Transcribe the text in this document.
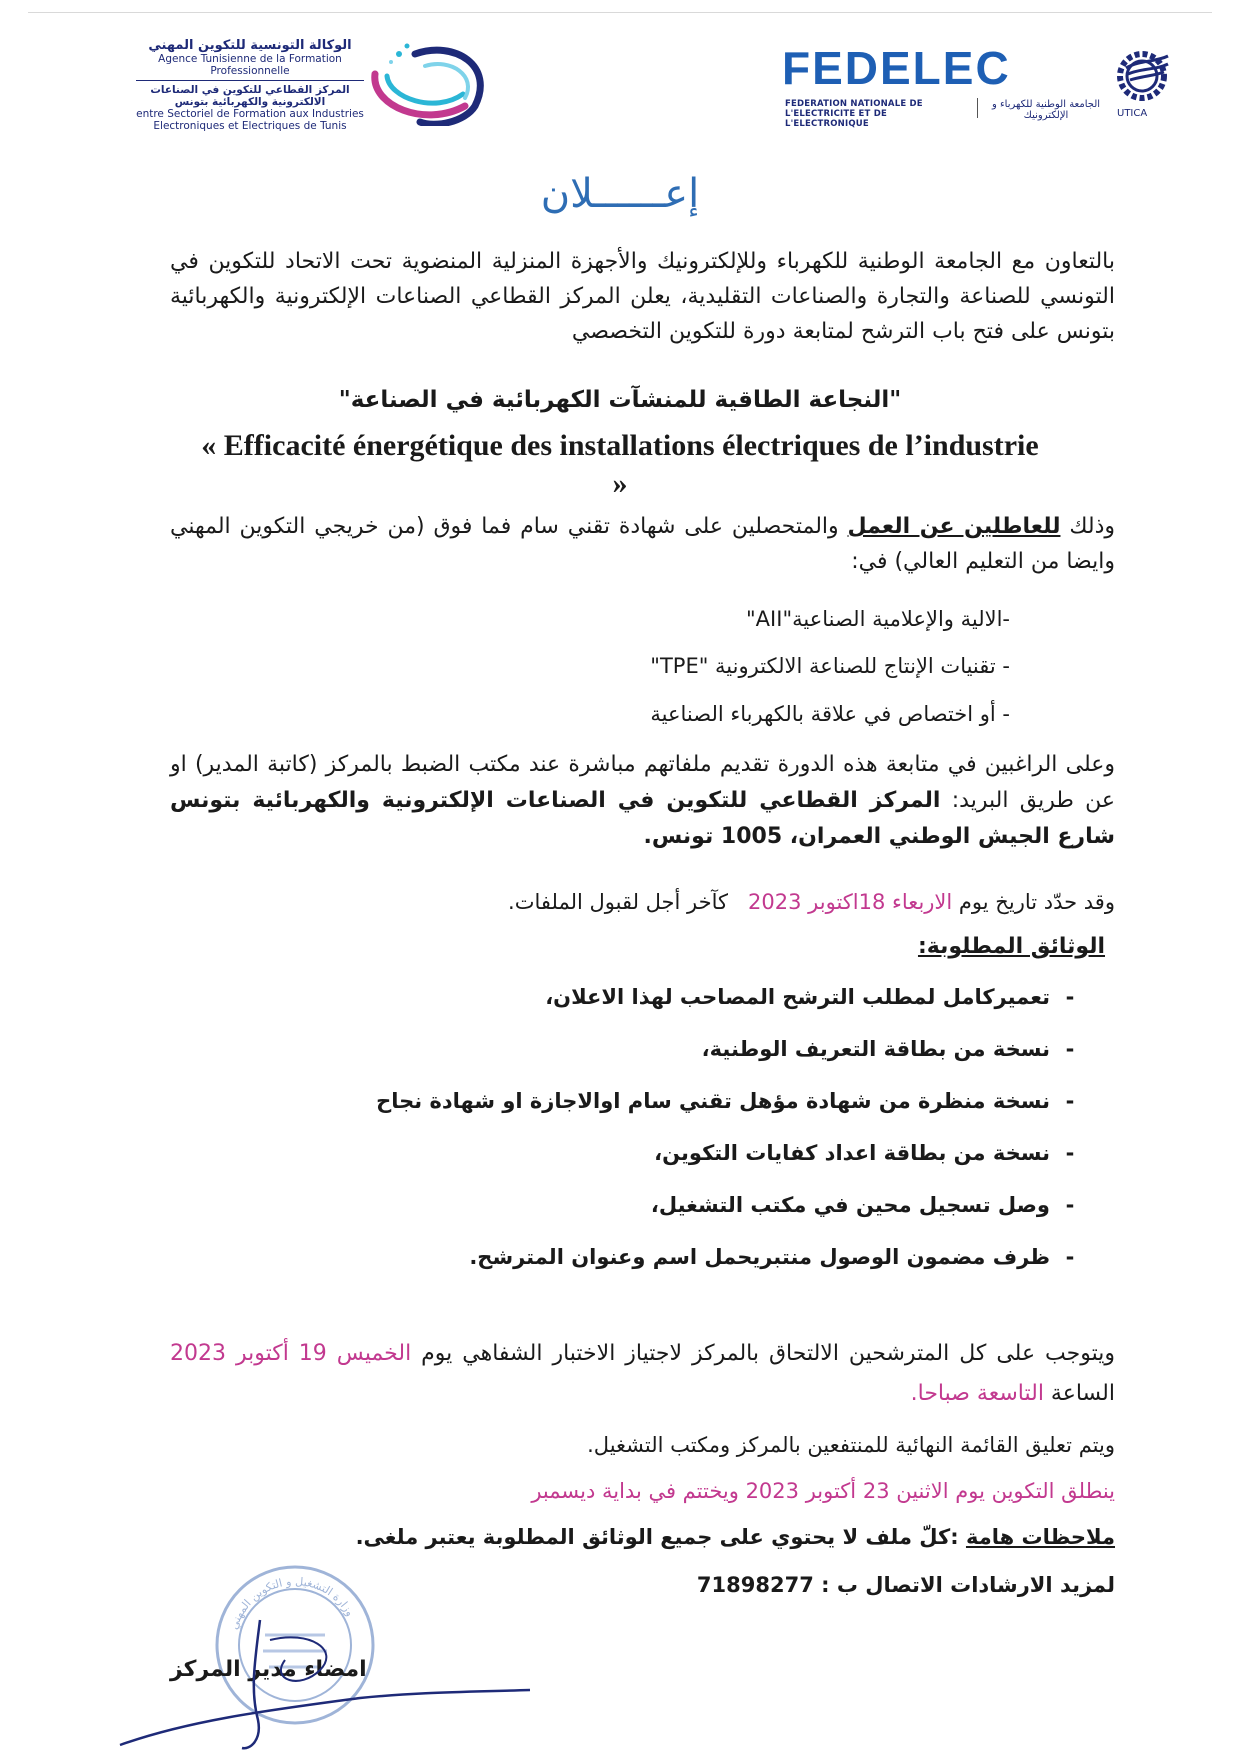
الوكالة التونسية للتكوين المهني
Agence Tunisienne de la Formation Professionnelle
المركز القطاعي للتكوين في الصناعات الالكترونية والكهربائية بتونس
entre Sectoriel de Formation aux Industries Electroniques et Electriques de Tunis
FEDELEC
FEDERATION NATIONALE DE L'ELECTRICITE ET DE L'ELECTRONIQUE
الجامعة الوطنية للكهرباء و الإلكترونيك	UTICA
إعــــــلان
بالتعاون مع الجامعة الوطنية للكهرباء وللإلكترونيك والأجهزة المنزلية المنضوية تحت الاتحاد للتكوين في التونسي للصناعة والتجارة والصناعات التقليدية، يعلن المركز القطاعي الصناعات الإلكترونية والكهربائية بتونس على فتح باب الترشح لمتابعة دورة للتكوين التخصصي
"النجاعة الطاقية للمنشآت الكهربائية في الصناعة"
« Efficacité énergétique des installations électriques de l’industrie »
وذلك للعاطلين عن العمل والمتحصلين على شهادة تقني سام فما فوق (من خريجي التكوين المهني وايضا من التعليم العالي) في:
-الالية والإعلامية الصناعية"AII"
- تقنيات الإنتاج للصناعة الالكترونية "TPE"
- أو اختصاص في علاقة بالكهرباء الصناعية
وعلى الراغبين في متابعة هذه الدورة تقديم ملفاتهم مباشرة عند مكتب الضبط بالمركز (كاتبة المدير) او عن طريق البريد: المركز القطاعي للتكوين في الصناعات الإلكترونية والكهربائية بتونس شارع الجيش الوطني العمران، 1005 تونس.
وقد حدّد تاريخ يوم الاربعاء 18اكتوبر 2023   كآخر أجل لقبول الملفات.
الوثائق المطلوبة:
-تعميركامل لمطلب الترشح المصاحب لهذا الاعلان،
-نسخة من بطاقة التعريف الوطنية،
-نسخة منظرة من شهادة مؤهل تقني سام اوالاجازة او شهادة نجاح
-نسخة من بطاقة اعداد كفايات التكوين،
-وصل تسجيل محين في مكتب التشغيل،
-ظرف مضمون الوصول منتبريحمل اسم وعنوان المترشح.
ويتوجب على كل المترشحين الالتحاق بالمركز لاجتياز الاختبار الشفاهي يوم الخميس 19 أكتوبر 2023 الساعة التاسعة صباحا.
ويتم تعليق القائمة النهائية للمنتفعين بالمركز ومكتب التشغيل.
ينطلق التكوين يوم الاثنين 23 أكتوبر 2023 ويختتم في بداية ديسمبر
ملاحظات هامة :كلّ ملف لا يحتوي على جميع الوثائق المطلوبة يعتبر ملغى.
لمزيد الارشادات الاتصال ب : 71898277
وزارة التشغيل و التكوين المهني
امضاء مدير المركز
